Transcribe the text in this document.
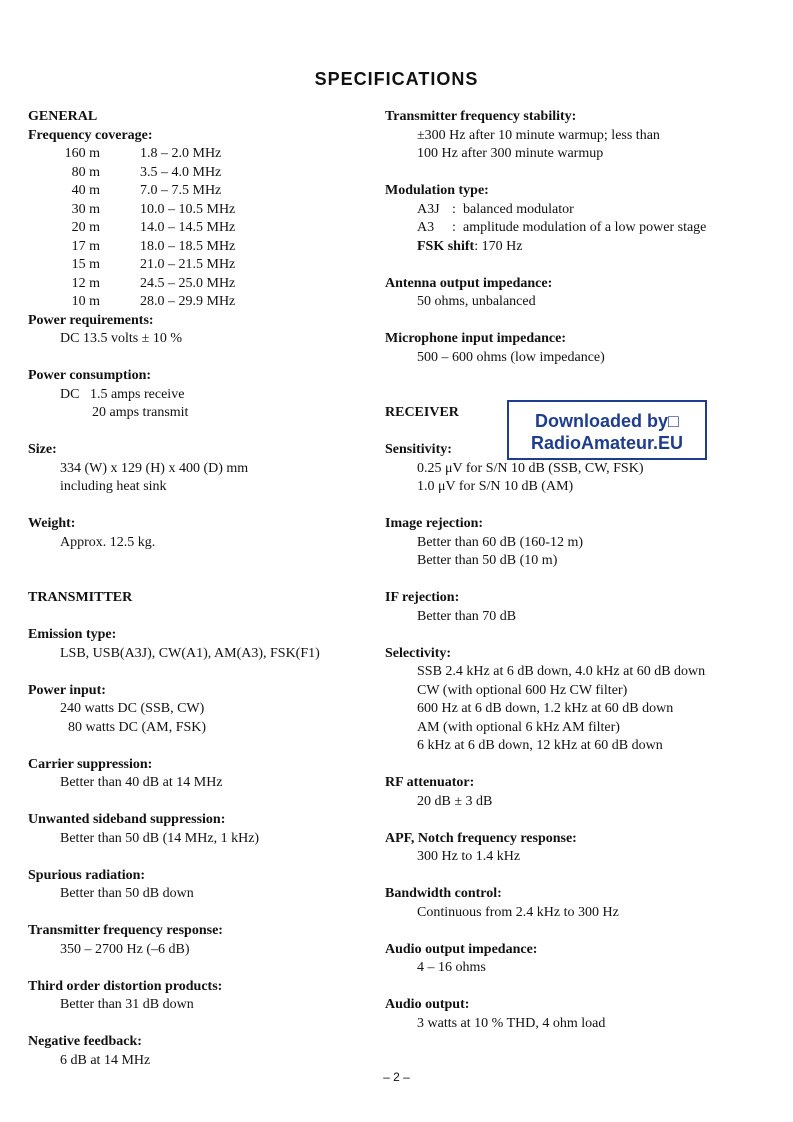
SPECIFICATIONS
GENERAL
Frequency coverage:
160 m	1.8 – 2.0 MHz
80 m	3.5 – 4.0 MHz
40 m	7.0 – 7.5 MHz
30 m	10.0 – 10.5 MHz
20 m	14.0 – 14.5 MHz
17 m	18.0 – 18.5 MHz
15 m	21.0 – 21.5 MHz
12 m	24.5 – 25.0 MHz
10 m	28.0 – 29.9 MHz
Power requirements:
DC 13.5 volts ± 10 %
Power consumption:
DC   1.5 amps receive
20 amps transmit
Size:
334 (W) x 129 (H) x 400 (D) mm
including heat sink
Weight:
Approx. 12.5 kg.
TRANSMITTER
Emission type:
LSB, USB(A3J), CW(A1), AM(A3), FSK(F1)
Power input:
240 watts DC (SSB, CW)
80 watts DC (AM, FSK)
Carrier suppression:
Better than 40 dB at 14 MHz
Unwanted sideband suppression:
Better than 50 dB (14 MHz, 1 kHz)
Spurious radiation:
Better than 50 dB down
Transmitter frequency response:
350 – 2700 Hz (–6 dB)
Third order distortion products:
Better than 31 dB down
Negative feedback:
6 dB at 14 MHz
Transmitter frequency stability:
±300 Hz after 10 minute warmup; less than
100 Hz after 300 minute warmup
Modulation type:
A3J : balanced modulator
A3	: amplitude modulation of a low power stage
FSK shift: 170 Hz
Antenna output impedance:
50 ohms, unbalanced
Microphone input impedance:
500 – 600 ohms (low impedance)
RECEIVER
Sensitivity:
0.25 μV for S/N 10 dB (SSB, CW, FSK)
1.0 μV for S/N 10 dB (AM)
Image rejection:
Better than 60 dB (160-12 m)
Better than 50 dB (10 m)
IF rejection:
Better than 70 dB
Selectivity:
SSB 2.4 kHz at 6 dB down, 4.0 kHz at 60 dB down
CW (with optional 600 Hz CW filter)
600 Hz at 6 dB down, 1.2 kHz at 60 dB down
AM (with optional 6 kHz AM filter)
6 kHz at 6 dB down, 12 kHz at 60 dB down
RF attenuator:
20 dB ± 3 dB
APF, Notch frequency response:
300 Hz to 1.4 kHz
Bandwidth control:
Continuous from 2.4 kHz to 300 Hz
Audio output impedance:
4 – 16 ohms
Audio output:
3 watts at 10 % THD, 4 ohm load
Downloaded by□
RadioAmateur.EU
– 2 –
